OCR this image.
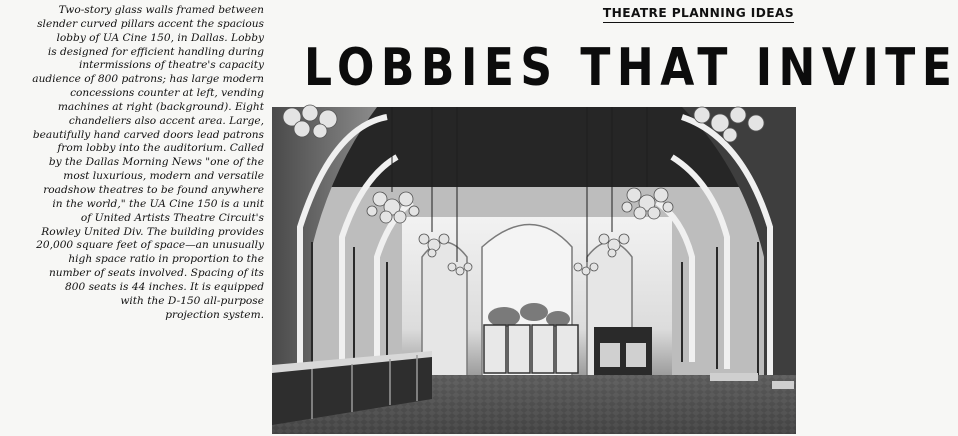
Two-story glass walls framed between
slender curved pillars accent the spacious
lobby of UA Cine 150, in Dallas. Lobby
is designed for efficient handling during
intermissions of theatre's capacity
audience of 800 patrons; has large modern
concessions counter at left, vending
machines at right (background). Eight
chandeliers also accent area. Large,
beautifully hand carved doors lead patrons
from lobby into the auditorium. Called
by the Dallas Morning News "one of the
most luxurious, modern and versatile
roadshow theatres to be found anywhere
in the world," the UA Cine 150 is a unit
of United Artists Theatre Circuit's
Rowley United Div. The building provides
20,000 square feet of space—an unusually
high space ratio in proportion to the
number of seats involved. Spacing of its
800 seats is 44 inches. It is equipped
with the D-150 all-purpose
projection system.
THEATRE PLANNING IDEAS
LOBBIES THAT INVITE
